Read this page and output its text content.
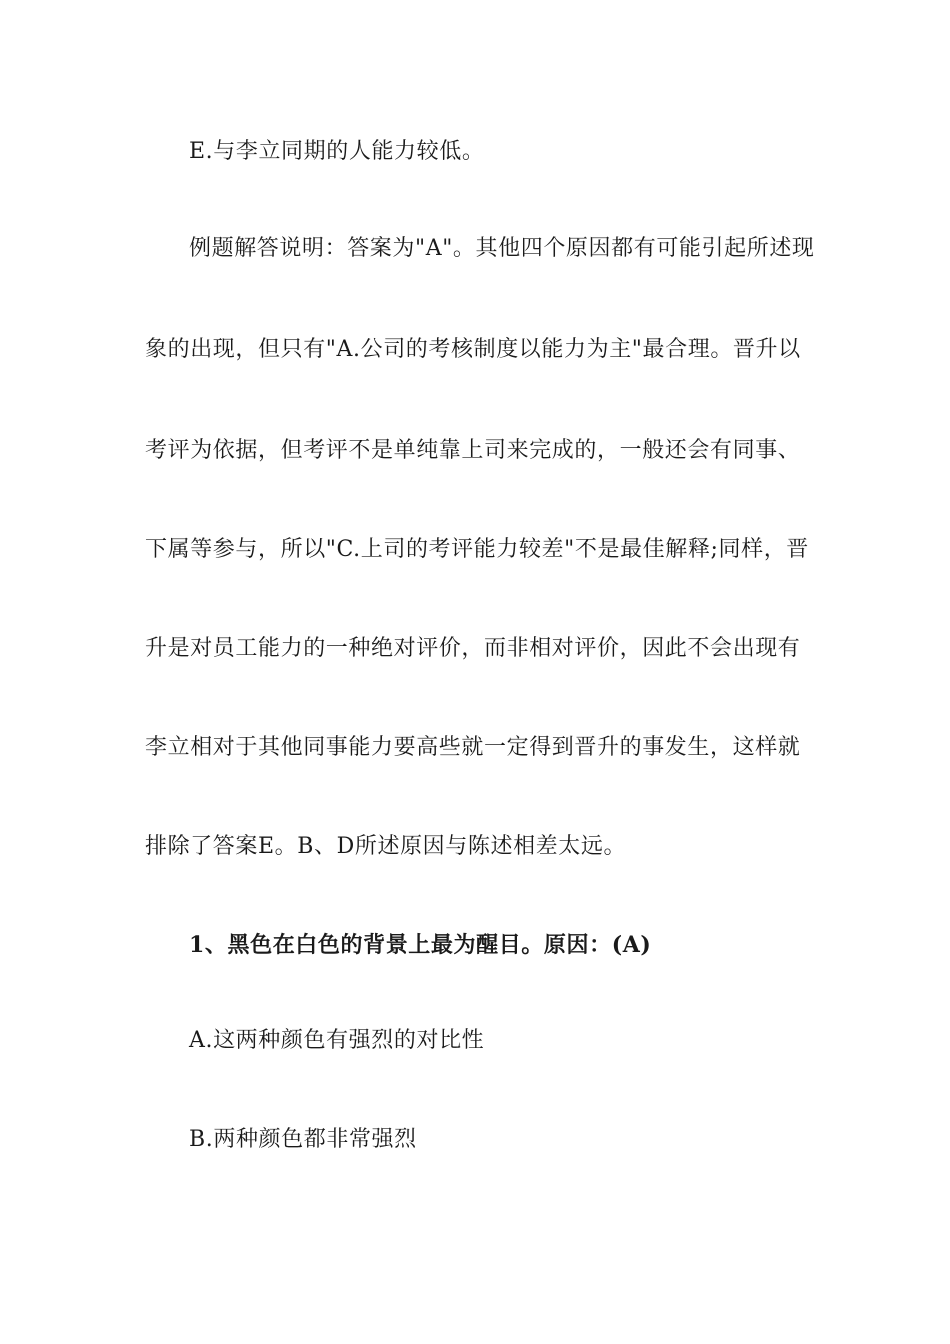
E.与李立同期的人能力较低。
例题解答说明：答案为"A"。其他四个原因都有可能引起所述现
象的出现，但只有"A.公司的考核制度以能力为主"最合理。晋升以
考评为依据，但考评不是单纯靠上司来完成的，一般还会有同事、
下属等参与，所以"C.上司的考评能力较差"不是最佳解释;同样，晋
升是对员工能力的一种绝对评价，而非相对评价，因此不会出现有
李立相对于其他同事能力要高些就一定得到晋升的事发生，这样就
排除了答案E。B、D所述原因与陈述相差太远。
1、黑色在白色的背景上最为醒目。原因：(A)
A.这两种颜色有强烈的对比性
B.两种颜色都非常强烈
